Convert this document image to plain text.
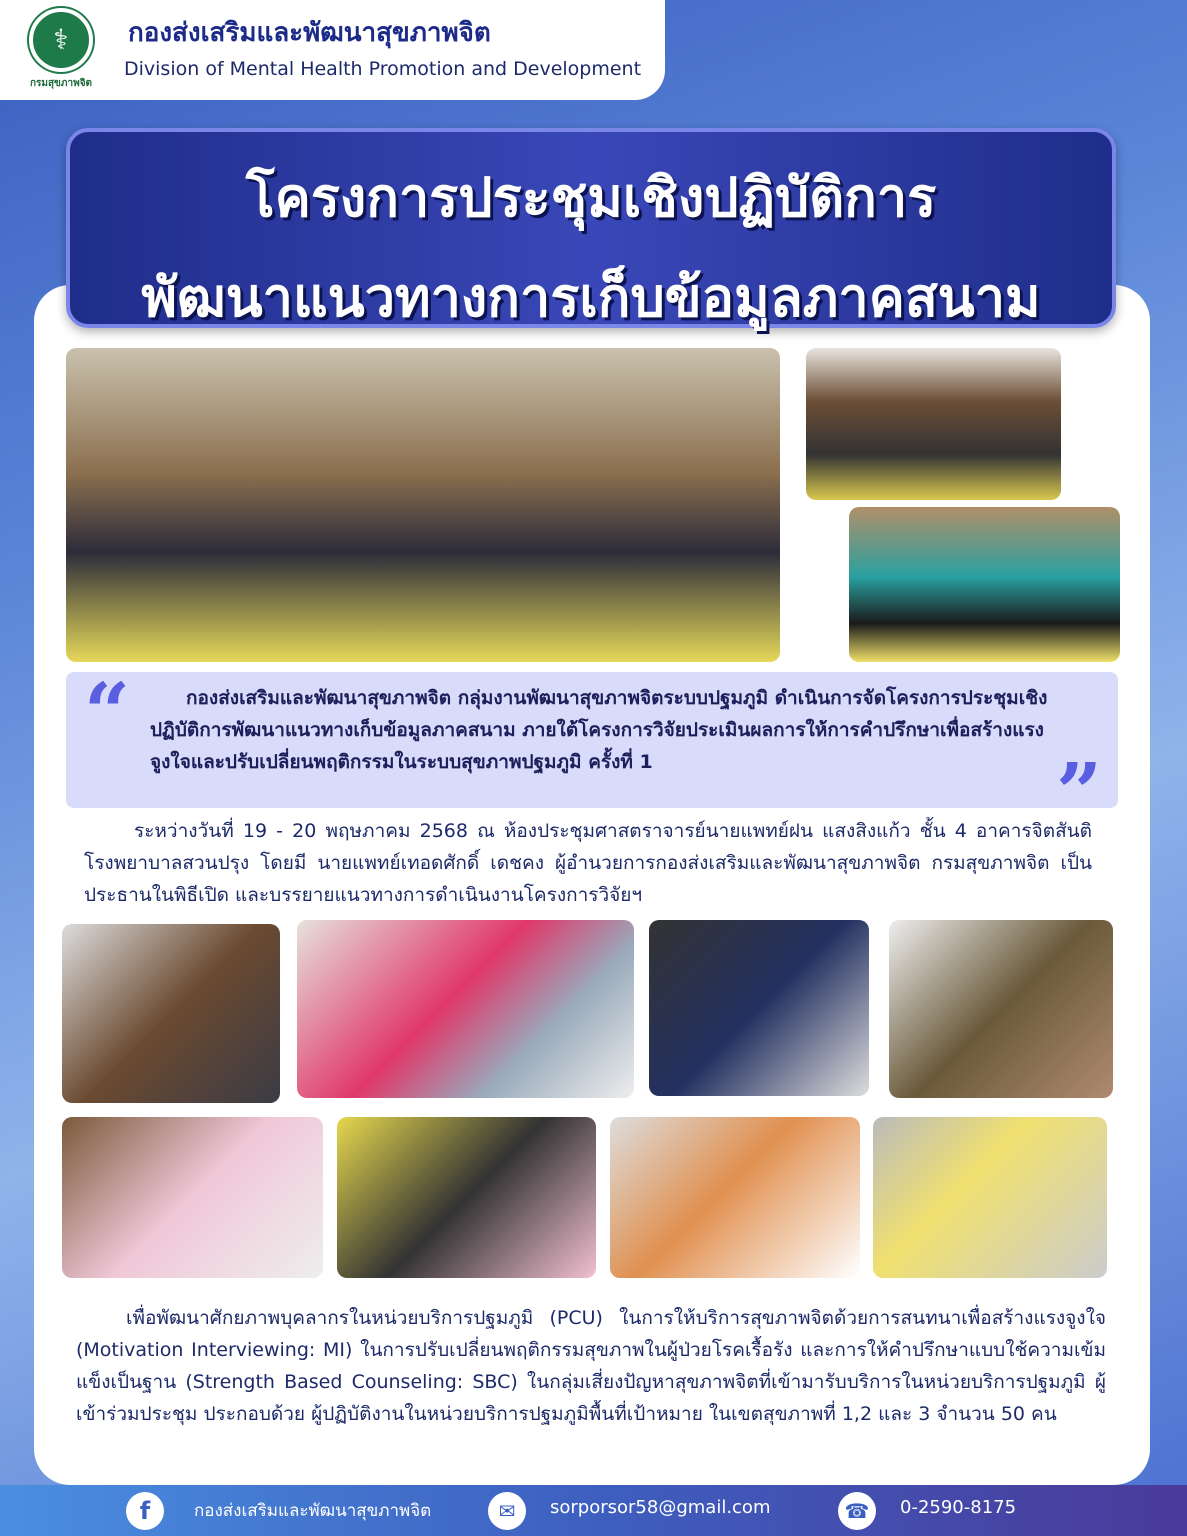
⚕
กรมสุขภาพจิต
กองส่งเสริมและพัฒนาสุขภาพจิต
Division of Mental Health Promotion and Development
โครงการประชุมเชิงปฏิบัติการ
พัฒนาแนวทางการเก็บข้อมูลภาคสนาม
“
”
กองส่งเสริมและพัฒนาสุขภาพจิต กลุ่มงานพัฒนาสุขภาพจิตระบบปฐมภูมิ ดำเนินการจัดโครงการประชุมเชิงปฏิบัติการพัฒนาแนวทางเก็บข้อมูลภาคสนาม ภายใต้โครงการวิจัยประเมินผลการให้การคำปรึกษาเพื่อสร้างแรงจูงใจและปรับเปลี่ยนพฤติกรรมในระบบสุขภาพปฐมภูมิ ครั้งที่ 1
ระหว่างวันที่ 19 - 20 พฤษภาคม 2568 ณ ห้องประชุมศาสตราจารย์นายแพทย์ฝน แสงสิงแก้ว ชั้น 4 อาคารจิตสันติ โรงพยาบาลสวนปรุง โดยมี นายแพทย์เทอดศักดิ์ เดชคง ผู้อำนวยการกองส่งเสริมและพัฒนาสุขภาพจิต กรมสุขภาพจิต เป็นประธานในพิธีเปิด และบรรยายแนวทางการดำเนินงานโครงการวิจัยฯ
เพื่อพัฒนาศักยภาพบุคลากรในหน่วยบริการปฐมภูมิ (PCU) ในการให้บริการสุขภาพจิตด้วยการสนทนาเพื่อสร้างแรงจูงใจ (Motivation Interviewing: MI) ในการปรับเปลี่ยนพฤติกรรมสุขภาพในผู้ป่วยโรคเรื้อรัง และการให้คำปรึกษาแบบใช้ความเข้มแข็งเป็นฐาน (Strength Based Counseling: SBC) ในกลุ่มเสี่ยงปัญหาสุขภาพจิตที่เข้ามารับบริการในหน่วยบริการปฐมภูมิ ผู้เข้าร่วมประชุม ประกอบด้วย ผู้ปฏิบัติงานในหน่วยบริการปฐมภูมิพื้นที่เป้าหมาย ในเขตสุขภาพที่ 1,2 และ 3 จำนวน 50 คน
f	กองส่งเสริมและพัฒนาสุขภาพจิต	✉	sorporsor58@gmail.com	☎	0-2590-8175
